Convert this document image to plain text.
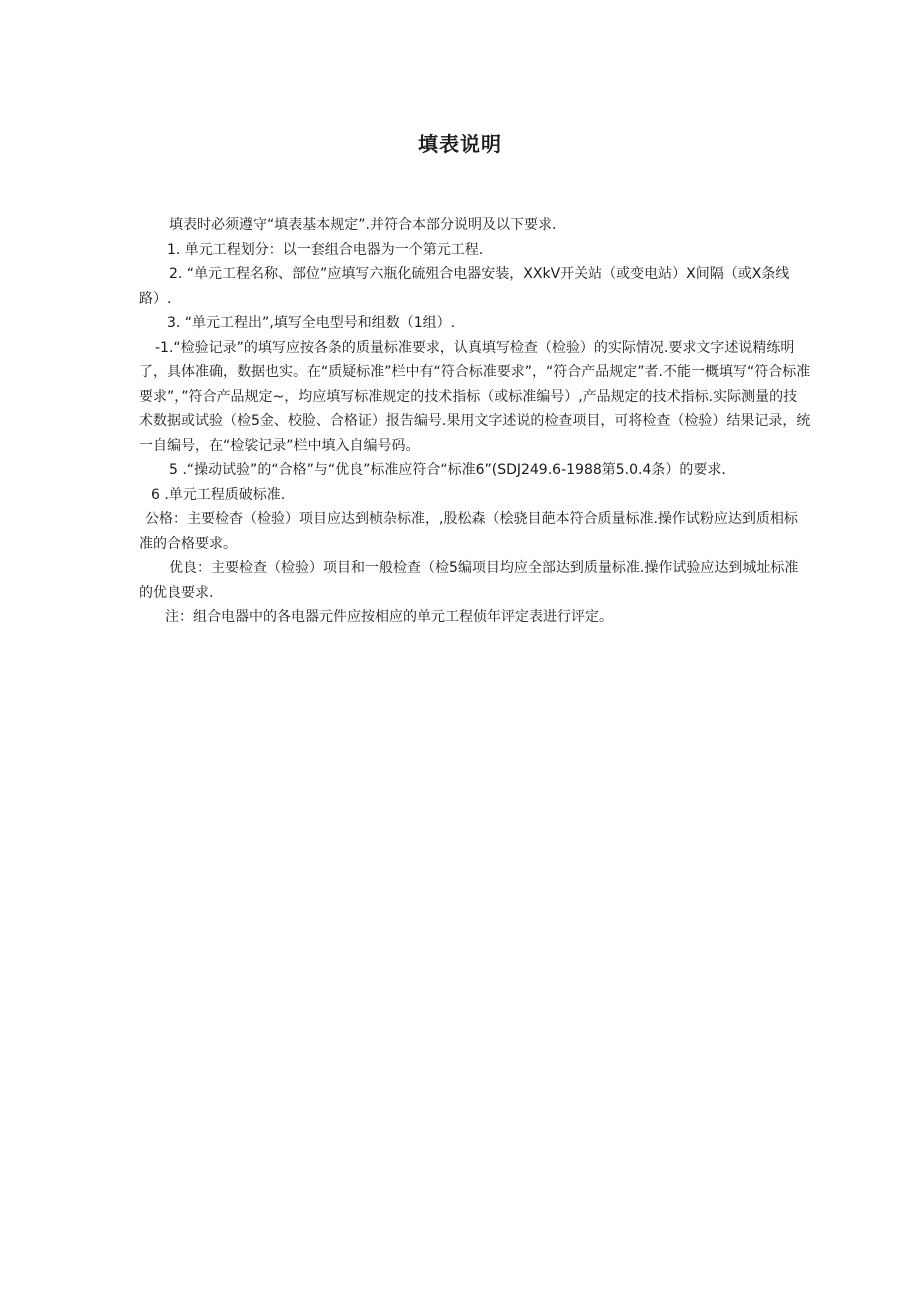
填表说明

填表时必须遵守“填表基本规定”.并符合本部分说明及以下要求.

1. 单元工程划分：以一套组合电器为一个第元工程.

2. “单元工程名称、部位”应填写六瓶化硫殂合电器安装，XXkV开关站（或变电站）X间隔（或X条线路）.

3. “单元工程出”,填写全电型号和组数（1组）.

-1.“检验记录”的填写应按各条的质量标准要求，认真填写检查（检验）的实际情况.要求文字述说精练明了，具体准确，数据也实。在“质疑标准”栏中有“符合标准要求”，“符合产品规定”者.不能一概填写“符合标准要求”，”符合产品规定~，均应填写标准规定的技术指标（或标准编号）,产品规定的技术指标.实际测量的技术数据或试验（检5金、校脸、合格证）报告编号.果用文字述说的检查项目，可将检查（检验）结果记录，统一自编号，在“检裟记录”栏中填入自编号码。

5 .“操动试验”的“合格”与“优良”标准应符合“标准6”(SDJ249.6-1988第5.0.4条）的要求.

6 .单元工程质破标准.

公格：主要检杳（检验）项目应达到桢杂标准，,股松森（桧骁目葩本符合质量标准.操作试粉应达到质相标准的合格要求。

优良：主要检查（检验）项目和一般检查（检5编项目均应全部达到质量标准.操作试验应达到城址标准的优良要求.

注：组合电器中的各电器元件应按相应的单元工程侦年评定表进行评定。
